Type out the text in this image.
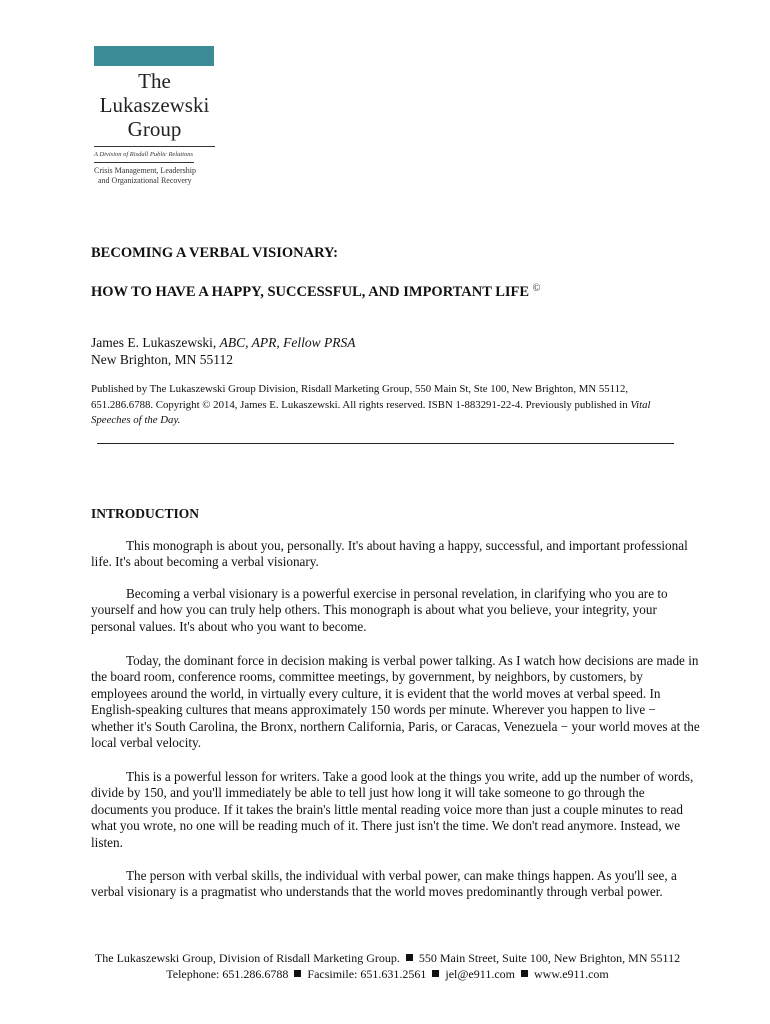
The
Lukaszewski
Group
A Division of Risdall Public Relations
Crisis Management, Leadership
and Organizational Recovery
BECOMING A VERBAL VISIONARY:
HOW TO HAVE A HAPPY, SUCCESSFUL, AND IMPORTANT LIFE ©
James E. Lukaszewski, ABC, APR, Fellow PRSA
New Brighton, MN 55112
Published by The Lukaszewski Group Division, Risdall Marketing Group, 550 Main St, Ste 100, New Brighton, MN 55112, 651.286.6788. Copyright © 2014, James E. Lukaszewski. All rights reserved. ISBN 1-883291-22-4. Previously published in Vital Speeches of the Day.
INTRODUCTION
This monograph is about you, personally. It's about having a happy, successful, and important professional life. It's about becoming a verbal visionary.
Becoming a verbal visionary is a powerful exercise in personal revelation, in clarifying who you are to yourself and how you can truly help others. This monograph is about what you believe, your integrity, your personal values. It's about who you want to become.
Today, the dominant force in decision making is verbal power talking. As I watch how decisions are made in the board room, conference rooms, committee meetings, by government, by neighbors, by customers, by employees around the world, in virtually every culture, it is evident that the world moves at verbal speed. In English-speaking cultures that means approximately 150 words per minute. Wherever you happen to live − whether it's South Carolina, the Bronx, northern California, Paris, or Caracas, Venezuela − your world moves at the local verbal velocity.
This is a powerful lesson for writers. Take a good look at the things you write, add up the number of words, divide by 150, and you'll immediately be able to tell just how long it will take someone to go through the documents you produce. If it takes the brain's little mental reading voice more than just a couple minutes to read what you wrote, no one will be reading much of it. There just isn't the time. We don't read anymore. Instead, we listen.
The person with verbal skills, the individual with verbal power, can make things happen. As you'll see, a verbal visionary is a pragmatist who understands that the world moves predominantly through verbal power.
The Lukaszewski Group, Division of Risdall Marketing Group. 550 Main Street, Suite 100, New Brighton, MN 55112
Telephone: 651.286.6788 Facsimile: 651.631.2561 jel@e911.com www.e911.com
